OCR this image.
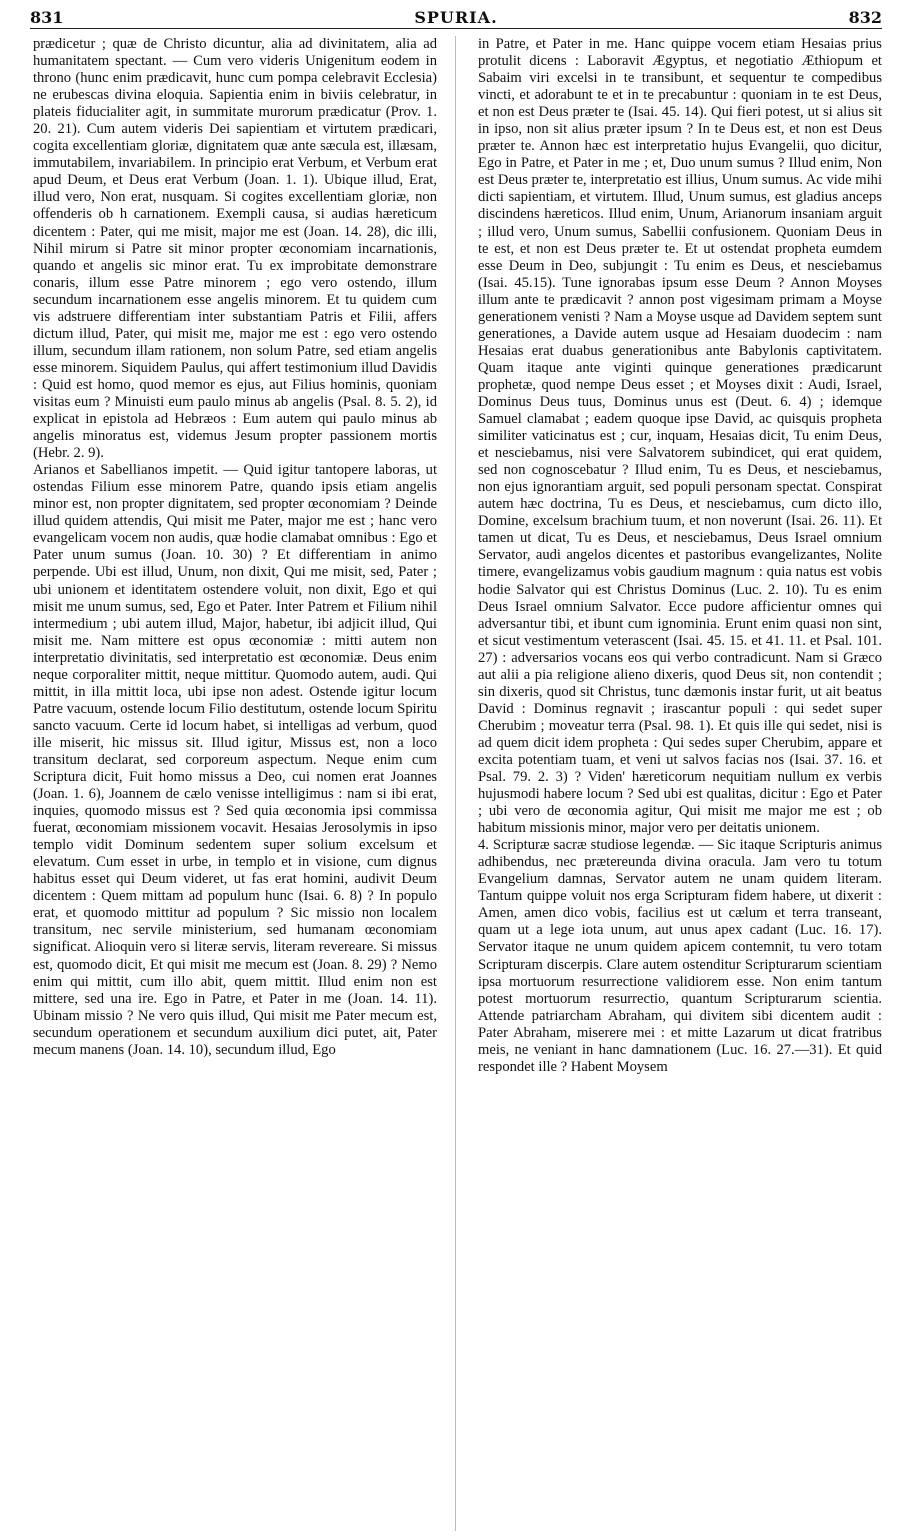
831	SPURIA.	832

prædicetur ; quæ de Christo dicuntur, alia ad divinitatem, alia ad humanitatem spectant. — Cum vero videris Unigenitum eodem in throno (hunc enim prædicavit, hunc cum pompa celebravit Ecclesia) ne erubescas divina eloquia. Sapientia enim in biviis celebratur, in plateis fiducialiter agit, in summitate murorum prædicatur (Prov. 1. 20. 21). Cum autem videris Dei sapientiam et virtutem prædicari, cogita excellentiam gloriæ, dignitatem quæ ante sæcula est, illæsam, immutabilem, invariabilem. In principio erat Verbum, et Verbum erat apud Deum, et Deus erat Verbum (Joan. 1. 1). Ubique illud, Erat, illud vero, Non erat, nusquam. Si cogites excellentiam gloriæ, non offenderis ob h carnationem. Exempli causa, si audias hæreticum dicentem : Pater, qui me misit, major me est (Joan. 14. 28), dic illi, Nihil mirum si Patre sit minor propter œconomiam incarnationis, quando et angelis sic minor erat. Tu ex improbitate demonstrare conaris, illum esse Patre minorem ; ego vero ostendo, illum secundum incarnationem esse angelis minorem. Et tu quidem cum vis adstruere differentiam inter substantiam Patris et Filii, affers dictum illud, Pater, qui misit me, major me est : ego vero ostendo illum, secundum illam rationem, non solum Patre, sed etiam angelis esse minorem. Siquidem Paulus, qui affert testimonium illud Davidis : Quid est homo, quod memor es ejus, aut Filius hominis, quoniam visitas eum ? Minuisti eum paulo minus ab angelis (Psal. 8. 5. 2), id explicat in epistola ad Hebræos : Eum autem qui paulo minus ab angelis minoratus est, videmus Jesum propter passionem mortis (Hebr. 2. 9).

Arianos et Sabellianos impetit. — Quid igitur tantopere laboras, ut ostendas Filium esse minorem Patre, quando ipsis etiam angelis minor est, non propter dignitatem, sed propter œconomiam ? Deinde illud quidem attendis, Qui misit me Pater, major me est ; hanc vero evangelicam vocem non audis, quæ hodie clamabat omnibus : Ego et Pater unum sumus (Joan. 10. 30) ? Et differentiam in animo perpende. Ubi est illud, Unum, non dixit, Qui me misit, sed, Pater ; ubi unionem et identitatem ostendere voluit, non dixit, Ego et qui misit me unum sumus, sed, Ego et Pater. Inter Patrem et Filium nihil intermedium ; ubi autem illud, Major, habetur, ibi adjicit illud, Qui misit me. Nam mittere est opus œconomiæ : mitti autem non interpretatio divinitatis, sed interpretatio est œconomiæ. Deus enim neque corporaliter mittit, neque mittitur. Quomodo autem, audi. Qui mittit, in illa mittit loca, ubi ipse non adest. Ostende igitur locum Patre vacuum, ostende locum Filio destitutum, ostende locum Spiritu sancto vacuum. Certe id locum habet, si intelligas ad verbum, quod ille miserit, hic missus sit. Illud igitur, Missus est, non a loco transitum declarat, sed corporeum aspectum. Neque enim cum Scriptura dicit, Fuit homo missus a Deo, cui nomen erat Joannes (Joan. 1. 6), Joannem de cælo venisse intelligimus : nam si ibi erat, inquies, quomodo missus est ? Sed quia œconomia ipsi commissa fuerat, œconomiam missionem vocavit. Hesaias Jerosolymis in ipso templo vidit Dominum sedentem super solium excelsum et elevatum. Cum esset in urbe, in templo et in visione, cum dignus habitus esset qui Deum videret, ut fas erat homini, audivit Deum dicentem : Quem mittam ad populum hunc (Isai. 6. 8) ? In populo erat, et quomodo mittitur ad populum ? Sic missio non localem transitum, nec servile ministerium, sed humanam œconomiam significat. Alioquin vero si literæ servis, literam revereare. Si missus est, quomodo dicit, Et qui misit me mecum est (Joan. 8. 29) ? Nemo enim qui mittit, cum illo abit, quem mittit. Illud enim non est mittere, sed una ire. Ego in Patre, et Pater in me (Joan. 14. 11). Ubinam missio ? Ne vero quis illud, Qui misit me Pater mecum est, secundum operationem et secundum auxilium dici putet, ait, Pater mecum manens (Joan. 14. 10), secundum illud, Ego

in Patre, et Pater in me. Hanc quippe vocem etiam Hesaias prius protulit dicens : Laboravit Ægyptus, et negotiatio Æthiopum et Sabaim viri excelsi in te transibunt, et sequentur te compedibus vincti, et adorabunt te et in te precabuntur : quoniam in te est Deus, et non est Deus præter te (Isai. 45. 14). Qui fieri potest, ut si alius sit in ipso, non sit alius præter ipsum ? In te Deus est, et non est Deus præter te. Annon hæc est interpretatio hujus Evangelii, quo dicitur, Ego in Patre, et Pater in me ; et, Duo unum sumus ? Illud enim, Non est Deus præter te, interpretatio est illius, Unum sumus. Ac vide mihi dicti sapientiam, et virtutem. Illud, Unum sumus, est gladius anceps discindens hæreticos. Illud enim, Unum, Arianorum insaniam arguit ; illud vero, Unum sumus, Sabellii confusionem. Quoniam Deus in te est, et non est Deus præter te. Et ut ostendat propheta eumdem esse Deum in Deo, subjungit : Tu enim es Deus, et nesciebamus (Isai. 45.15). Tune ignorabas ipsum esse Deum ? Annon Moyses illum ante te prædicavit ? annon post vigesimam primam a Moyse generationem venisti ? Nam a Moyse usque ad Davidem septem sunt generationes, a Davide autem usque ad Hesaiam duodecim : nam Hesaias erat duabus generationibus ante Babylonis captivitatem. Quam itaque ante viginti quinque generationes prædicarunt prophetæ, quod nempe Deus esset ; et Moyses dixit : Audi, Israel, Dominus Deus tuus, Dominus unus est (Deut. 6. 4) ; idemque Samuel clamabat ; eadem quoque ipse David, ac quisquis propheta similiter vaticinatus est ; cur, inquam, Hesaias dicit, Tu enim Deus, et nesciebamus, nisi vere Salvatorem subindicet, qui erat quidem, sed non cognoscebatur ? Illud enim, Tu es Deus, et nesciebamus, non ejus ignorantiam arguit, sed populi personam spectat. Conspirat autem hæc doctrina, Tu es Deus, et nesciebamus, cum dicto illo, Domine, excelsum brachium tuum, et non noverunt (Isai. 26. 11). Et tamen ut dicat, Tu es Deus, et nesciebamus, Deus Israel omnium Servator, audi angelos dicentes et pastoribus evangelizantes, Nolite timere, evangelizamus vobis gaudium magnum : quia natus est vobis hodie Salvator qui est Christus Dominus (Luc. 2. 10). Tu es enim Deus Israel omnium Salvator. Ecce pudore afficientur omnes qui adversantur tibi, et ibunt cum ignominia. Erunt enim quasi non sint, et sicut vestimentum veterascent (Isai. 45. 15. et 41. 11. et Psal. 101. 27) : adversarios vocans eos qui verbo contradicunt. Nam si Græco aut alii a pia religione alieno dixeris, quod Deus sit, non contendit ; sin dixeris, quod sit Christus, tunc dæmonis instar furit, ut ait beatus David : Dominus regnavit ; irascantur populi : qui sedet super Cherubim ; moveatur terra (Psal. 98. 1). Et quis ille qui sedet, nisi is ad quem dicit idem propheta : Qui sedes super Cherubim, appare et excita potentiam tuam, et veni ut salvos facias nos (Isai. 37. 16. et Psal. 79. 2. 3) ? Viden' hæreticorum nequitiam nullum ex verbis hujusmodi habere locum ? Sed ubi est qualitas, dicitur : Ego et Pater ; ubi vero de œconomia agitur, Qui misit me major me est ; ob habitum missionis minor, major vero per deitatis unionem.

4. Scripturæ sacræ studiose legendæ. — Sic itaque Scripturis animus adhibendus, nec prætereunda divina oracula. Jam vero tu totum Evangelium damnas, Servator autem ne unam quidem literam. Tantum quippe voluit nos erga Scripturam fidem habere, ut dixerit : Amen, amen dico vobis, facilius est ut cælum et terra transeant, quam ut a lege iota unum, aut unus apex cadant (Luc. 16. 17). Servator itaque ne unum quidem apicem contemnit, tu vero totam Scripturam discerpis. Clare autem ostenditur Scripturarum scientiam ipsa mortuorum resurrectione validiorem esse. Non enim tantum potest mortuorum resurrectio, quantum Scripturarum scientia. Attende patriarcham Abraham, qui divitem sibi dicentem audit : Pater Abraham, miserere mei : et mitte Lazarum ut dicat fratribus meis, ne veniant in hanc damnationem (Luc. 16. 27.—31). Et quid respondet ille ? Habent Moysem
